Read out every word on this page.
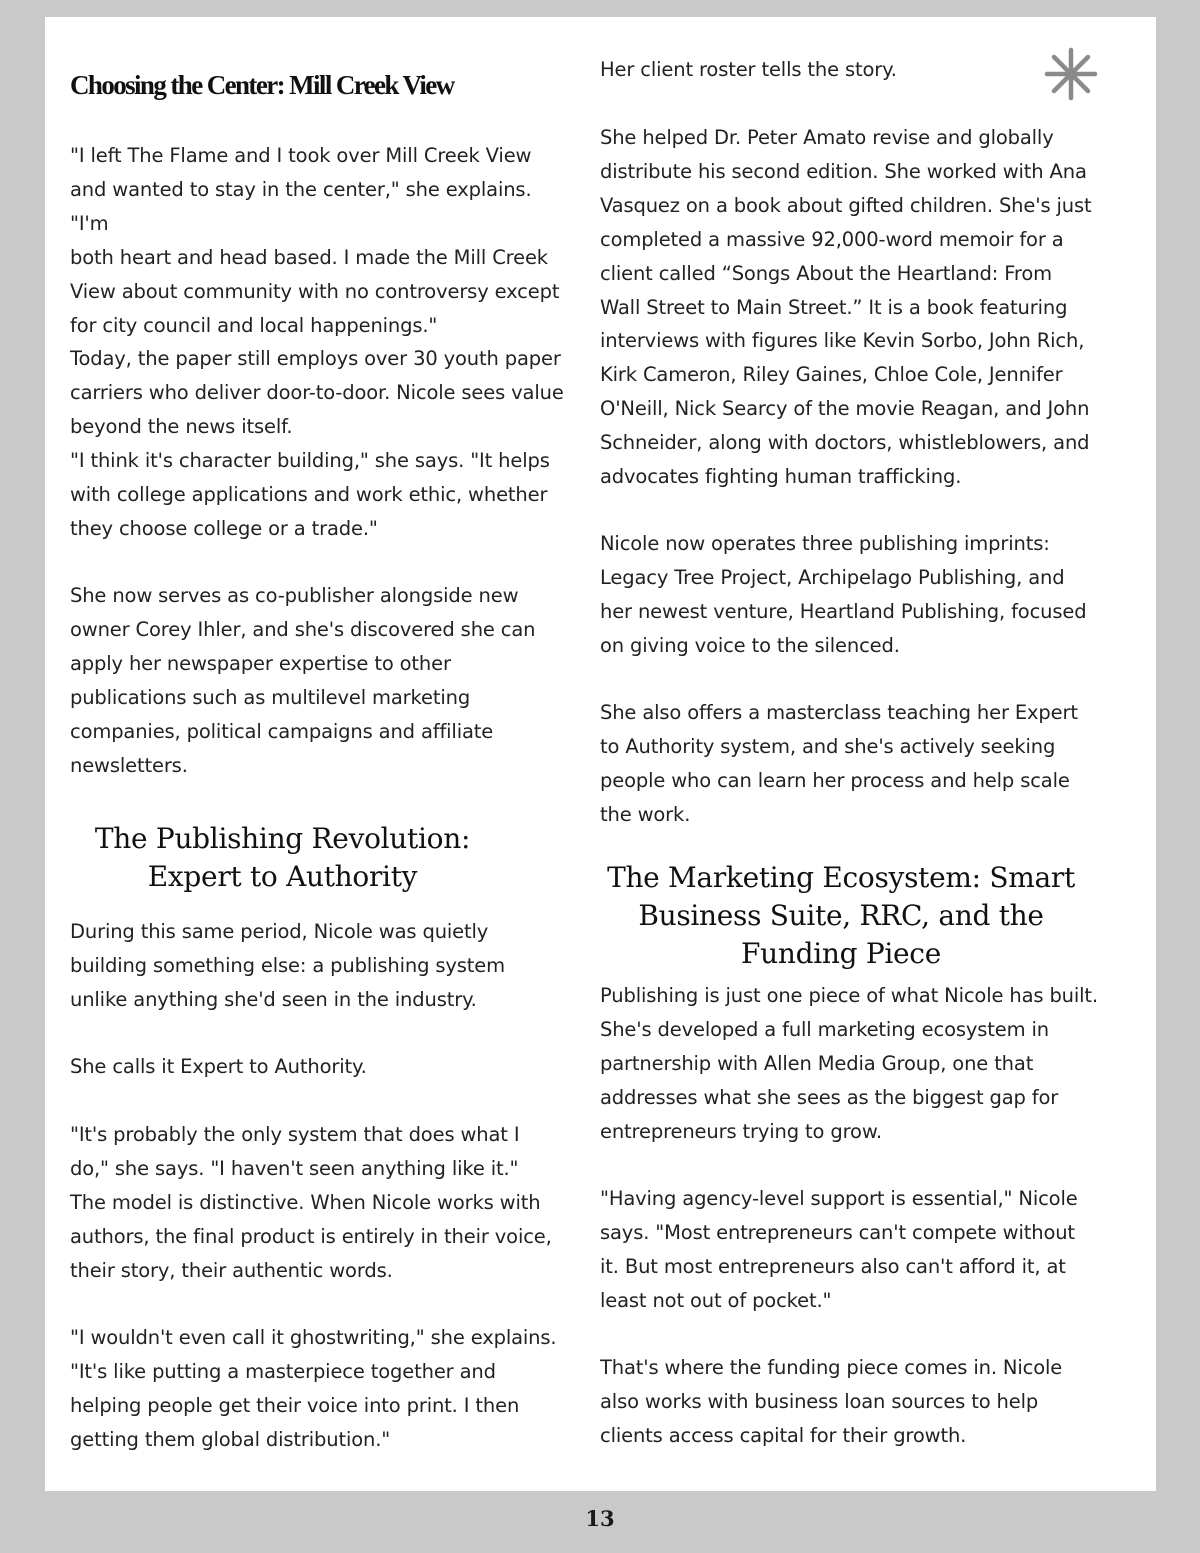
Choosing the Center: Mill Creek View

"I left The Flame and I took over Mill Creek View
and wanted to stay in the center," she explains. "I'm
both heart and head based. I made the Mill Creek
View about community with no controversy except
for city council and local happenings."

Today, the paper still employs over 30 youth paper
carriers who deliver door-to-door. Nicole sees value
beyond the news itself.
"I think it's character building," she says. "It helps
with college applications and work ethic, whether
they choose college or a trade."

She now serves as co-publisher alongside new
owner Corey Ihler, and she's discovered she can
apply her newspaper expertise to other
publications such as multilevel marketing
companies, political campaigns and affiliate
newsletters.

The Publishing Revolution:
Expert to Authority

During this same period, Nicole was quietly
building something else: a publishing system
unlike anything she'd seen in the industry.

She calls it Expert to Authority.

"It's probably the only system that does what I
do," she says. "I haven't seen anything like it."
The model is distinctive. When Nicole works with
authors, the final product is entirely in their voice,
their story, their authentic words.

"I wouldn't even call it ghostwriting," she explains.
"It's like putting a masterpiece together and
helping people get their voice into print. I then
getting them global distribution."

Her client roster tells the story.

She helped Dr. Peter Amato revise and globally
distribute his second edition. She worked with Ana
Vasquez on a book about gifted children. She's just
completed a massive 92,000-word memoir for a
client called “Songs About the Heartland: From
Wall Street to Main Street.” It is a book featuring
interviews with figures like Kevin Sorbo, John Rich,
Kirk Cameron, Riley Gaines, Chloe Cole, Jennifer
O'Neill, Nick Searcy of the movie Reagan, and John
Schneider, along with doctors, whistleblowers, and
advocates fighting human trafficking.

Nicole now operates three publishing imprints:
Legacy Tree Project, Archipelago Publishing, and
her newest venture, Heartland Publishing, focused
on giving voice to the silenced.

She also offers a masterclass teaching her Expert
to Authority system, and she's actively seeking
people who can learn her process and help scale
the work.

The Marketing Ecosystem: Smart
Business Suite, RRC, and the
Funding Piece

Publishing is just one piece of what Nicole has built.
She's developed a full marketing ecosystem in
partnership with Allen Media Group, one that
addresses what she sees as the biggest gap for
entrepreneurs trying to grow.

"Having agency-level support is essential," Nicole
says. "Most entrepreneurs can't compete without
it. But most entrepreneurs also can't afford it, at
least not out of pocket."

That's where the funding piece comes in. Nicole
also works with business loan sources to help
clients access capital for their growth.

13
